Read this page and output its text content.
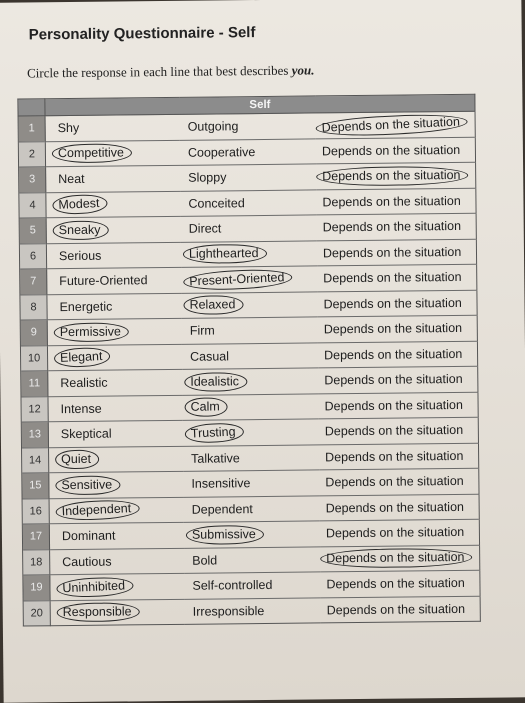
Personality Questionnaire - Self
Circle the response in each line that best describes you.
	Self		
1	Shy	Outgoing	Depends on the situation
2	Competitive	Cooperative	Depends on the situation
3	Neat	Sloppy	Depends on the situation
4	Modest	Conceited	Depends on the situation
5	Sneaky	Direct	Depends on the situation
6	Serious	Lighthearted	Depends on the situation
7	Future-Oriented	Present-Oriented	Depends on the situation
8	Energetic	Relaxed	Depends on the situation
9	Permissive	Firm	Depends on the situation
10	Elegant	Casual	Depends on the situation
11	Realistic	Idealistic	Depends on the situation
12	Intense	Calm	Depends on the situation
13	Skeptical	Trusting	Depends on the situation
14	Quiet	Talkative	Depends on the situation
15	Sensitive	Insensitive	Depends on the situation
16	Independent	Dependent	Depends on the situation
17	Dominant	Submissive	Depends on the situation
18	Cautious	Bold	Depends on the situation
19	Uninhibited	Self-controlled	Depends on the situation
20	Responsible	Irresponsible	Depends on the situation
